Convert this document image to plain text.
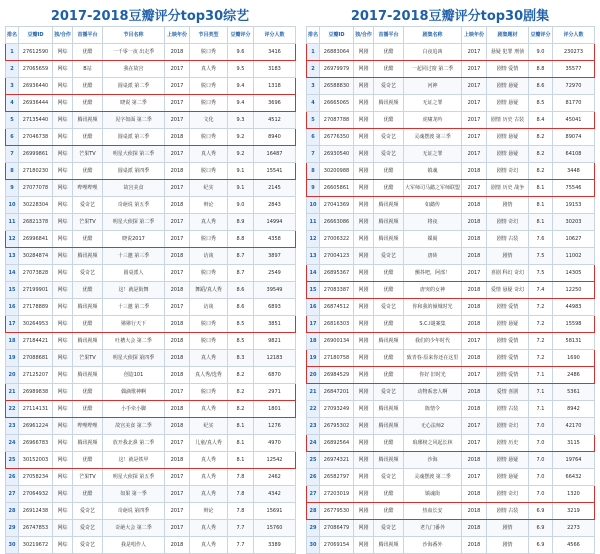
2017-2018豆瓣评分top30综艺
排名	豆瓣ID	独/合作	首播平台	节目名称	上映年份	节目类型	豆瓣评分	评分人数
1	27612590	网综	优酷	一千零一夜 出走季	2018	脱口秀	9.6	3416
2	27065659	网综	B站	我在故宫	2017	真人秀	9.5	3183
3	26936440	网综	优酷	圆桌派 第二季	2017	脱口秀	9.4	1318
4	26936444	网综	优酷	晓说 第二季	2017	脱口秀	9.4	3696
5	27135440	网综	腾讯视频	见字如面 第二季	2017	文化	9.3	4512
6	27046738	网综	优酷	圆桌派 第三季	2018	脱口秀	9.2	8940
7	26999861	网综	芒果TV	明星大侦探 第三季	2017	真人秀	9.2	16487
8	27180230	网综	优酷	圆桌派 第四季	2018	脱口秀	9.1	15541
9	27077078	网综	哔哩哔哩	故宫美食	2017	纪实	9.1	2145
10	30228304	网综	爱奇艺	奇葩说 第五季	2018	辩论	9.0	2843
11	26821378	网综	芒果TV	明星大侦探 第二季	2017	真人秀	8.9	14994
12	26996841	网综	优酷	晓说2017	2017	脱口秀	8.8	4358
13	30284874	网综	腾讯视频	十三邀 第三季	2018	访谈	8.7	3897
14	27073828	网综	爱奇艺	圆桌派人	2017	脱口秀	8.7	2549
15	27199901	网综	优酷	这！就是街舞	2018	舞蹈/真人秀	8.6	39549
16	27178889	网综	腾讯视频	十三邀 第二季	2017	访谈	8.6	6893
17	30264953	网综	优酷	锵锵行天下	2018	脱口秀	8.5	3851
18	27184421	网综	腾讯视频	吐槽大会 第二季	2018	脱口秀	8.5	9821
19	27088681	网综	芒果TV	明星大侦探 第四季	2018	真人秀	8.3	12183
20	27125207	网综	腾讯视频	创造101	2018	真人秀/选秀	8.2	6870
21	26989838	网综	优酷	偶滴歌神啊	2017	脱口秀	8.2	2971
22	27114131	网综	优酷	小手牵小脚	2018	真人秀	8.2	1801
23	26961224	网综	哔哩哔哩	故宫美食 第二季	2018	纪实	8.1	1276
24	26966783	网综	腾讯视频	放开我北鼻 第二季	2017	儿童/真人秀	8.1	4970
25	30152003	网综	优酷	这！就是铁甲	2018	真人秀	8.1	12542
26	27058234	网综	芒果TV	明星大侦探 第五季	2017	真人秀	7.8	2462
27	27064932	网综	优酷	如果 第一季	2017	真人秀	7.8	4342
28	26912438	网综	爱奇艺	奇葩说 第四季	2017	辩论	7.8	15691
29	26747853	网综	爱奇艺	奇葩大会 第二季	2017	真人秀	7.7	15760
30	30219672	网综	爱奇艺	我是唱作人	2018	真人秀	7.7	3389
2017-2018豆瓣评分top30剧集
排名	豆瓣ID	独/合作	首播平台	剧集名称	上映年份	剧集题材	豆瓣评分	评分人数
1	26883064	网剧	优酷	白夜追凶	2017	悬疑 犯罪 刑侦	9.0	230273
2	26979979	网剧	优酷	一起同过窗 第二季	2017	剧情 爱情	8.8	35577
3	26588830	网剧	爱奇艺	河神	2017	剧情 悬疑	8.6	72970
4	26665065	网剧	腾讯视频	无证之罪	2017	剧情 悬疑	8.5	81770
5	27087788	网剧	优酷	虎啸龙吟	2017	剧情 历史 古装	8.4	45041
6	26776350	网剧	爱奇艺	灵魂摆渡 第三季	2017	剧情 悬疑	8.2	89074
7	26930540	网剧	爱奇艺	无证之罪	2017	剧情 悬疑	8.2	64108
8	30200988	网剧	优酷	镇魂	2018	剧情 奇幻	8.2	3448
9	26605861	网剧	优酷	大军师司马懿之军师联盟	2017	剧情 历史 战争	8.1	75546
10	27041369	网剧	腾讯视频	如懿传	2018	剧情	8.1	19153
11	26663086	网剧	腾讯视频	将夜	2018	剧情 奇幻	8.1	30203
12	27006322	网剧	腾讯视频	媒阁	2018	剧情 古装	7.6	10627
13	27004123	网剧	爱奇艺	唐砖	2018	剧情	7.5	11002
14	26895367	网剧	优酷	颤抖吧，阿部！	2017	喜剧 科幻 奇幻	7.5	14305
15	27083387	网剧	优酷	唐突的女神	2018	爱情 悬疑 奇幻	7.4	12250
16	26874512	网剧	爱奇艺	你和我的倾城时光	2018	剧情 爱情	7.2	44983
17	26816303	网剧	优酷	S.C.I谜案集	2018	剧情 悬疑	7.2	15598
18	26900134	网剧	腾讯视频	我们的少年时代	2017	剧情 爱情	7.2	58131
19	27180758	网剧	优酷	致青春·原来你还在这里	2018	剧情 爱情	7.2	1690
20	26984529	网剧	优酷	你好 旧时光	2017	剧情 爱情	7.1	2486
21	26847201	网剧	爱奇艺	动物系恋人啊	2018	爱情 喜剧	7.1	5361
22	27093249	网剧	腾讯视频	陈情令	2018	剧情 古装	7.1	8942
23	26795302	网剧	腾讯视频	无心法师2	2017	剧情 奇幻	7.0	42170
24	26892564	网剧	优酷	琅琊榜之风起长林	2017	剧情 历史	7.0	3115
25	26974321	网剧	腾讯视频	沙海	2018	剧情 悬疑	7.0	19764
26	26582797	网剧	爱奇艺	灵魂摆渡 第二季	2017	剧情 悬疑	7.0	66432
27	27203019	网剧	优酷	镇魂街	2018	剧情 奇幻	7.0	1320
28	26779530	网剧	优酷	热血长安	2018	剧情 古装	6.9	3219
29	27086479	网剧	爱奇艺	老九门番外	2018	剧情	6.9	2273
30	27069154	网剧	腾讯视频	沙海番外	2018	剧情	6.9	4566
